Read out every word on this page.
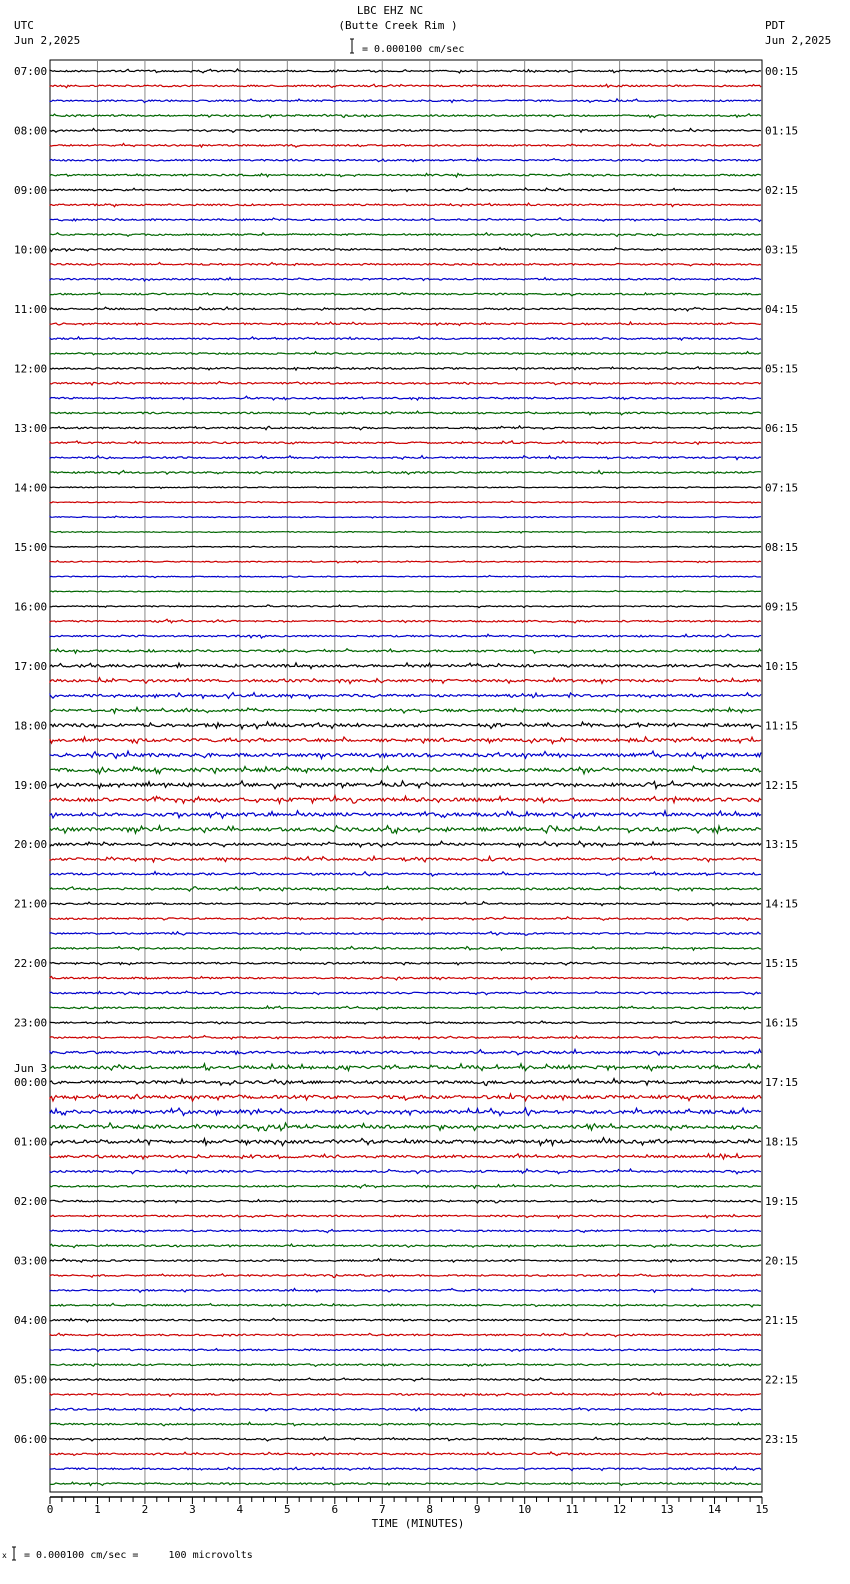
LBC EHZ NC
(Butte Creek Rim )
UTC
Jun 2,2025
PDT
Jun 2,2025
= 0.000100 cm/sec
07:00
08:00
09:00
10:00
11:00
12:00
13:00
14:00
15:00
16:00
17:00
18:00
19:00
20:00
21:00
22:00
23:00
00:00
Jun 3
01:00
02:00
03:00
04:00
05:00
06:00
00:15
01:15
02:15
03:15
04:15
05:15
06:15
07:15
08:15
09:15
10:15
11:15
12:15
13:15
14:15
15:15
16:15
17:15
18:15
19:15
20:15
21:15
22:15
23:15
0	1	2	3	4	5	6	7	8	9	10	11	12	13	14	15
TIME (MINUTES)
x = 0.000100 cm/sec =     100 microvolts
